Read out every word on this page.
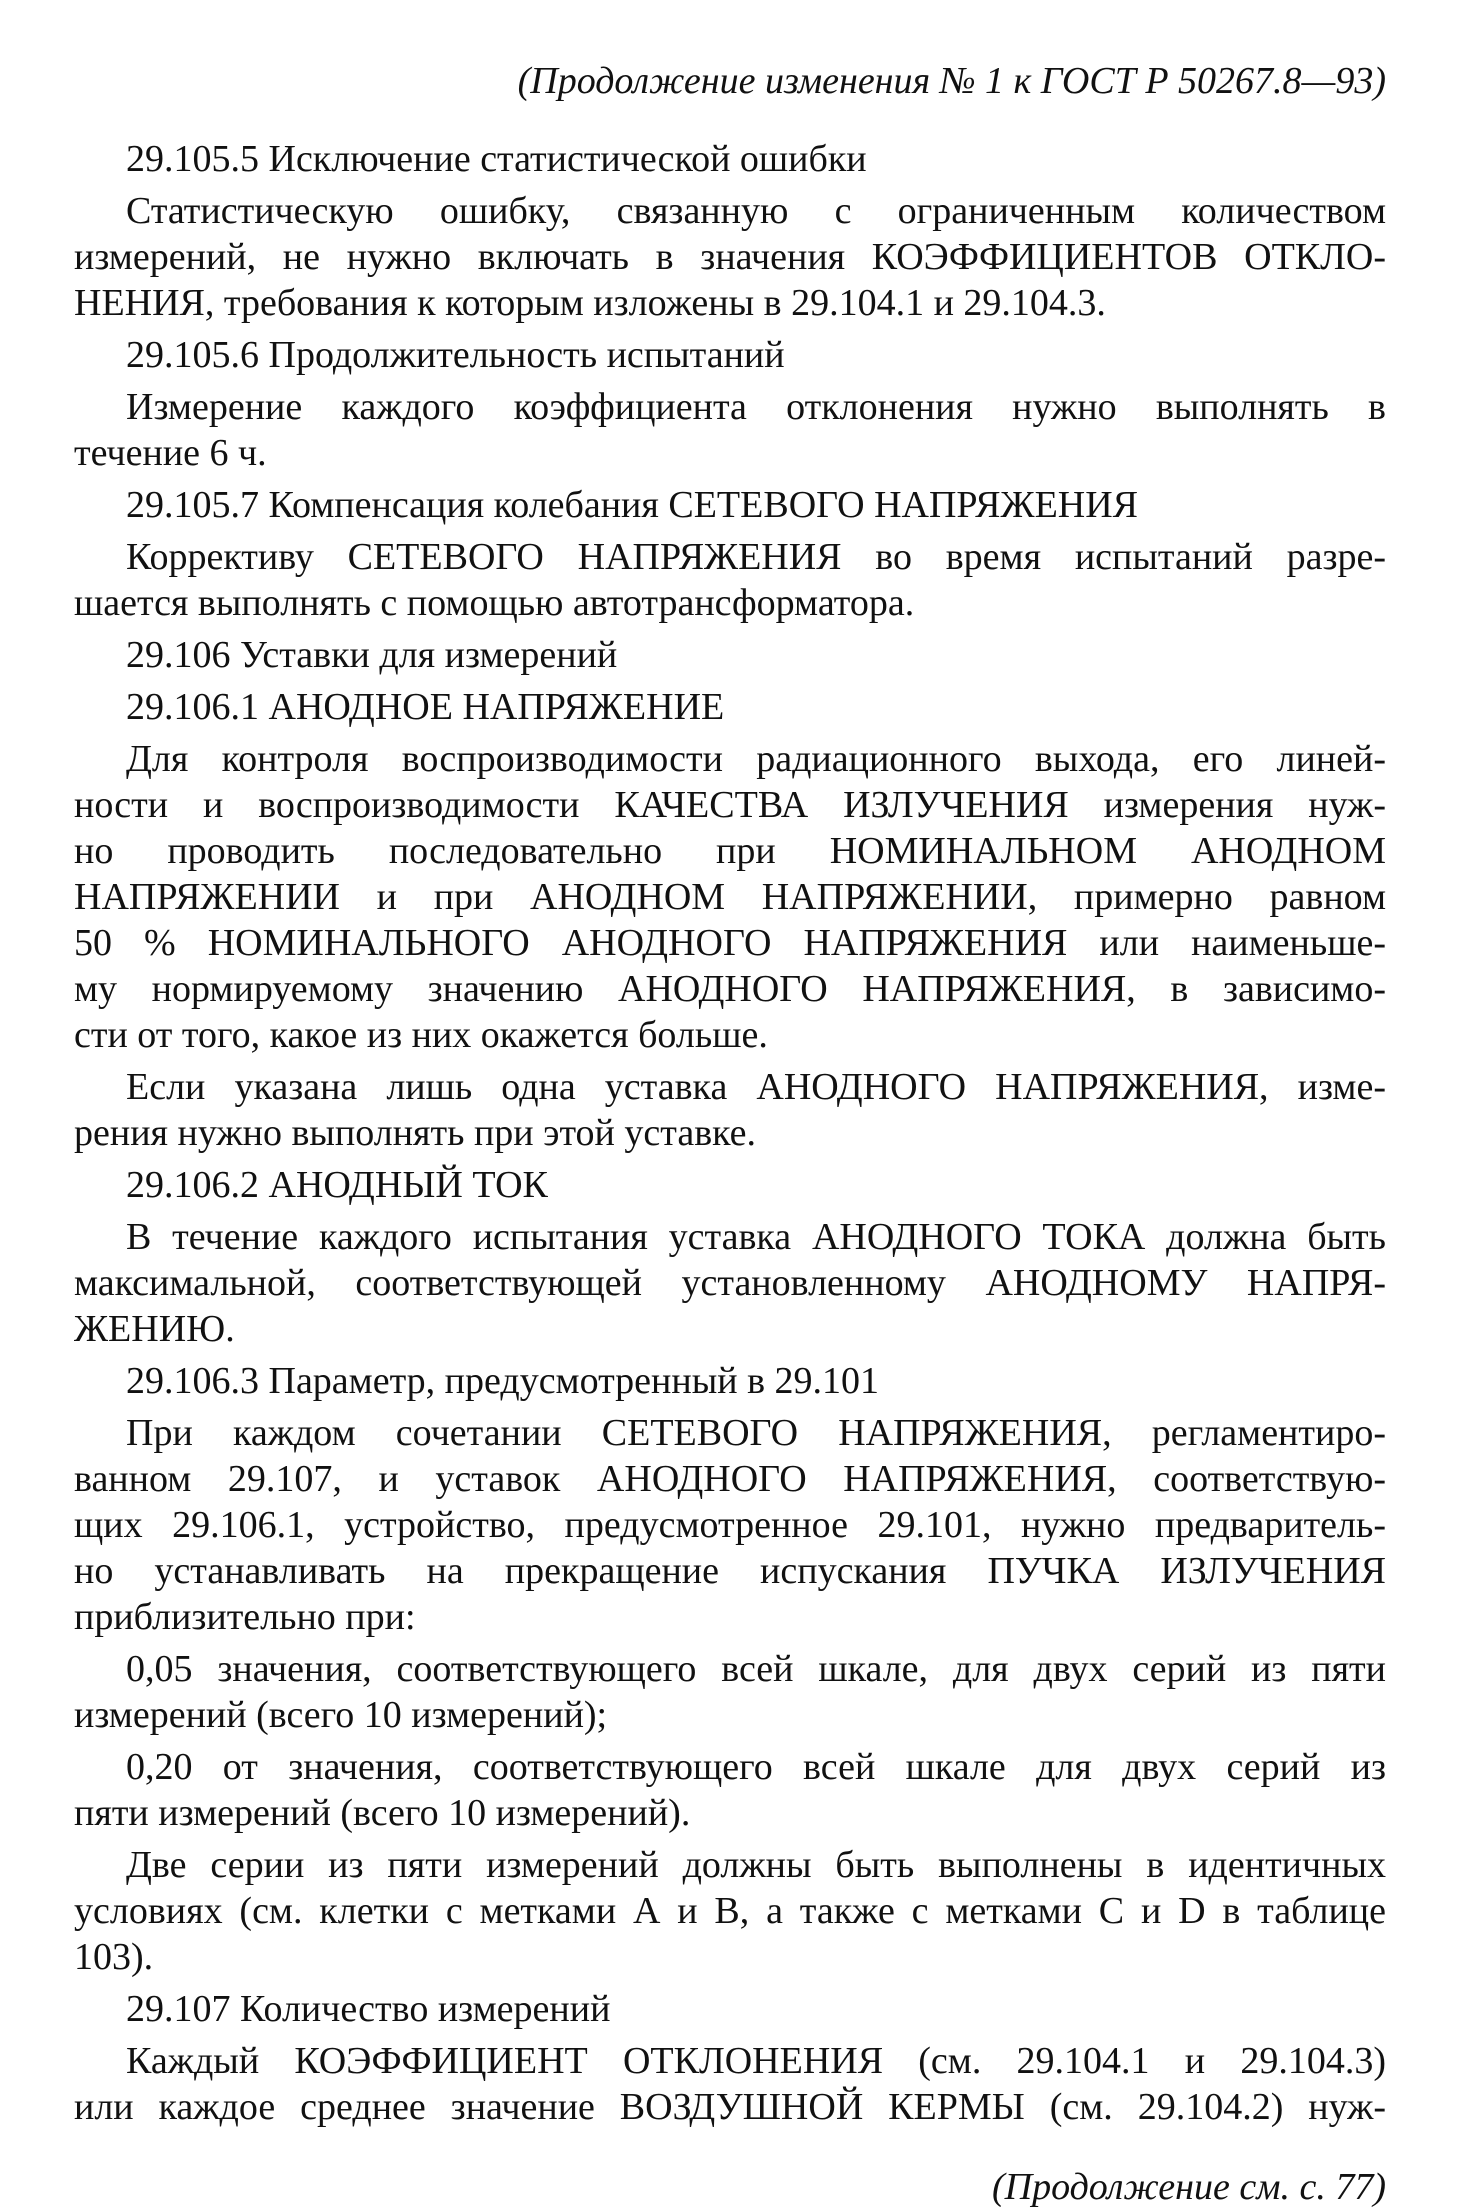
(Продолжение изменения № 1 к ГОСТ Р 50267.8—93)
29.105.5 Исключение статистической ошибки
Статистическую ошибку, связанную с ограниченным количеством
измерений, не нужно включать в значения КОЭФФИЦИЕНТОВ ОТКЛО-
НЕНИЯ, требования к которым изложены в 29.104.1 и 29.104.3.
29.105.6 Продолжительность испытаний
Измерение каждого коэффициента отклонения нужно выполнять в
течение 6 ч.
29.105.7 Компенсация колебания СЕТЕВОГО НАПРЯЖЕНИЯ
Коррективу СЕТЕВОГО НАПРЯЖЕНИЯ во время испытаний разре-
шается выполнять с помощью автотрансформатора.
29.106 Уставки для измерений
29.106.1 АНОДНОЕ НАПРЯЖЕНИЕ
Для контроля воспроизводимости радиационного выхода, его линей-
ности и воспроизводимости КАЧЕСТВА ИЗЛУЧЕНИЯ измерения нуж-
но проводить последовательно при НОМИНАЛЬНОМ АНОДНОМ
НАПРЯЖЕНИИ и при АНОДНОМ НАПРЯЖЕНИИ, примерно равном
50 % НОМИНАЛЬНОГО АНОДНОГО НАПРЯЖЕНИЯ или наименьше-
му нормируемому значению АНОДНОГО НАПРЯЖЕНИЯ, в зависимо-
сти от того, какое из них окажется больше.
Если указана лишь одна уставка АНОДНОГО НАПРЯЖЕНИЯ, изме-
рения нужно выполнять при этой уставке.
29.106.2 АНОДНЫЙ ТОК
В течение каждого испытания уставка АНОДНОГО ТОКА должна быть
максимальной, соответствующей установленному АНОДНОМУ НАПРЯ-
ЖЕНИЮ.
29.106.3 Параметр, предусмотренный в 29.101
При каждом сочетании СЕТЕВОГО НАПРЯЖЕНИЯ, регламентиро-
ванном 29.107, и уставок АНОДНОГО НАПРЯЖЕНИЯ, соответствую-
щих 29.106.1, устройство, предусмотренное 29.101, нужно предваритель-
но устанавливать на прекращение испускания ПУЧКА ИЗЛУЧЕНИЯ
приблизительно при:
0,05 значения, соответствующего всей шкале, для двух серий из пяти
измерений (всего 10 измерений);
0,20 от значения, соответствующего всей шкале для двух серий из
пяти измерений (всего 10 измерений).
Две серии из пяти измерений должны быть выполнены в идентичных
условиях (см. клетки с метками А и В, а также с метками С и D в таблице
103).
29.107 Количество измерений
Каждый КОЭФФИЦИЕНТ ОТКЛОНЕНИЯ (см. 29.104.1 и 29.104.3)
или каждое среднее значение ВОЗДУШНОЙ КЕРМЫ (см. 29.104.2) нуж-
(Продолжение см. с. 77)
